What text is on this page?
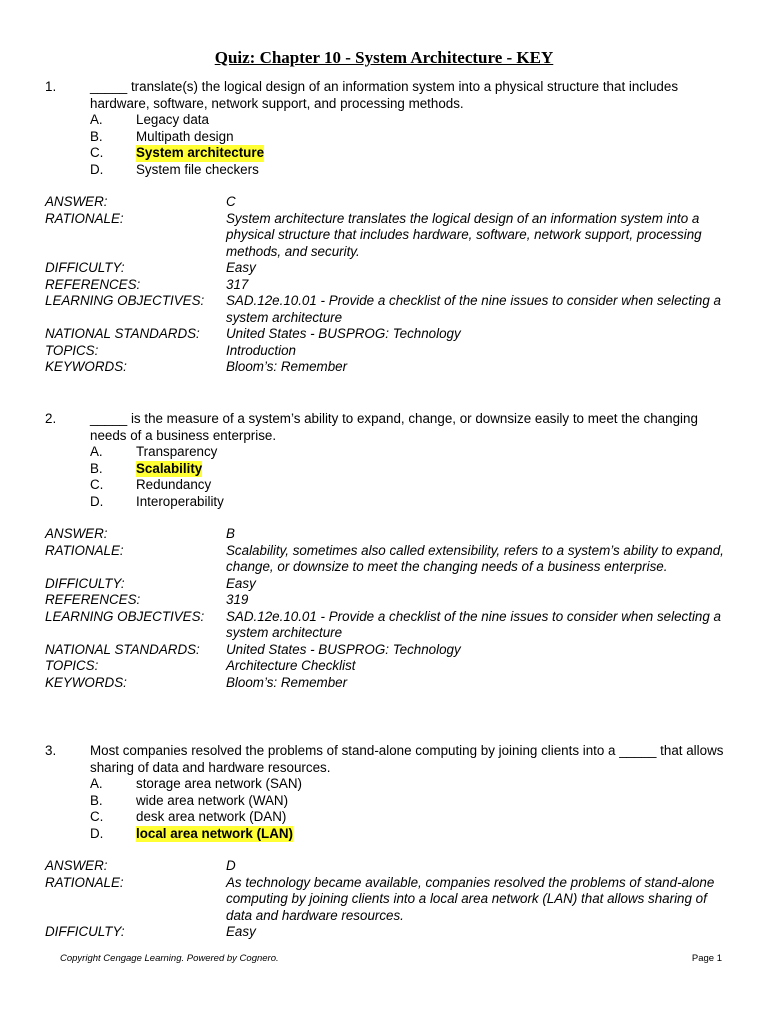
Quiz: Chapter 10 - System Architecture - KEY
1.	_____ translate(s) the logical design of an information system into a physical structure that includes hardware, software, network support, and processing methods.
A. Legacy data
B. Multipath design
C. System architecture
D. System file checkers
ANSWER:	C
RATIONALE:	System architecture translates the logical design of an information system into a physical structure that includes hardware, software, network support, processing methods, and security.
DIFFICULTY:	Easy
REFERENCES:	317
LEARNING OBJECTIVES:	SAD.12e.10.01 - Provide a checklist of the nine issues to consider when selecting a system architecture
NATIONAL STANDARDS:	United States - BUSPROG: Technology
TOPICS:	Introduction
KEYWORDS:	Bloom’s: Remember
2.	_____ is the measure of a system’s ability to expand, change, or downsize easily to meet the changing needs of a business enterprise.
A. Transparency
B. Scalability
C. Redundancy
D. Interoperability
ANSWER:	B
RATIONALE:	Scalability, sometimes also called extensibility, refers to a system’s ability to expand, change, or downsize to meet the changing needs of a business enterprise.
DIFFICULTY:	Easy
REFERENCES:	319
LEARNING OBJECTIVES:	SAD.12e.10.01 - Provide a checklist of the nine issues to consider when selecting a system architecture
NATIONAL STANDARDS:	United States - BUSPROG: Technology
TOPICS:	Architecture Checklist
KEYWORDS:	Bloom’s: Remember
3.	Most companies resolved the problems of stand-alone computing by joining clients into a _____ that allows sharing of data and hardware resources.
A. storage area network (SAN)
B. wide area network (WAN)
C. desk area network (DAN)
D. local area network (LAN)
ANSWER:	D
RATIONALE:	As technology became available, companies resolved the problems of stand-alone computing by joining clients into a local area network (LAN) that allows sharing of data and hardware resources.
DIFFICULTY:	Easy
Copyright Cengage Learning. Powered by Cognero.	Page 1
